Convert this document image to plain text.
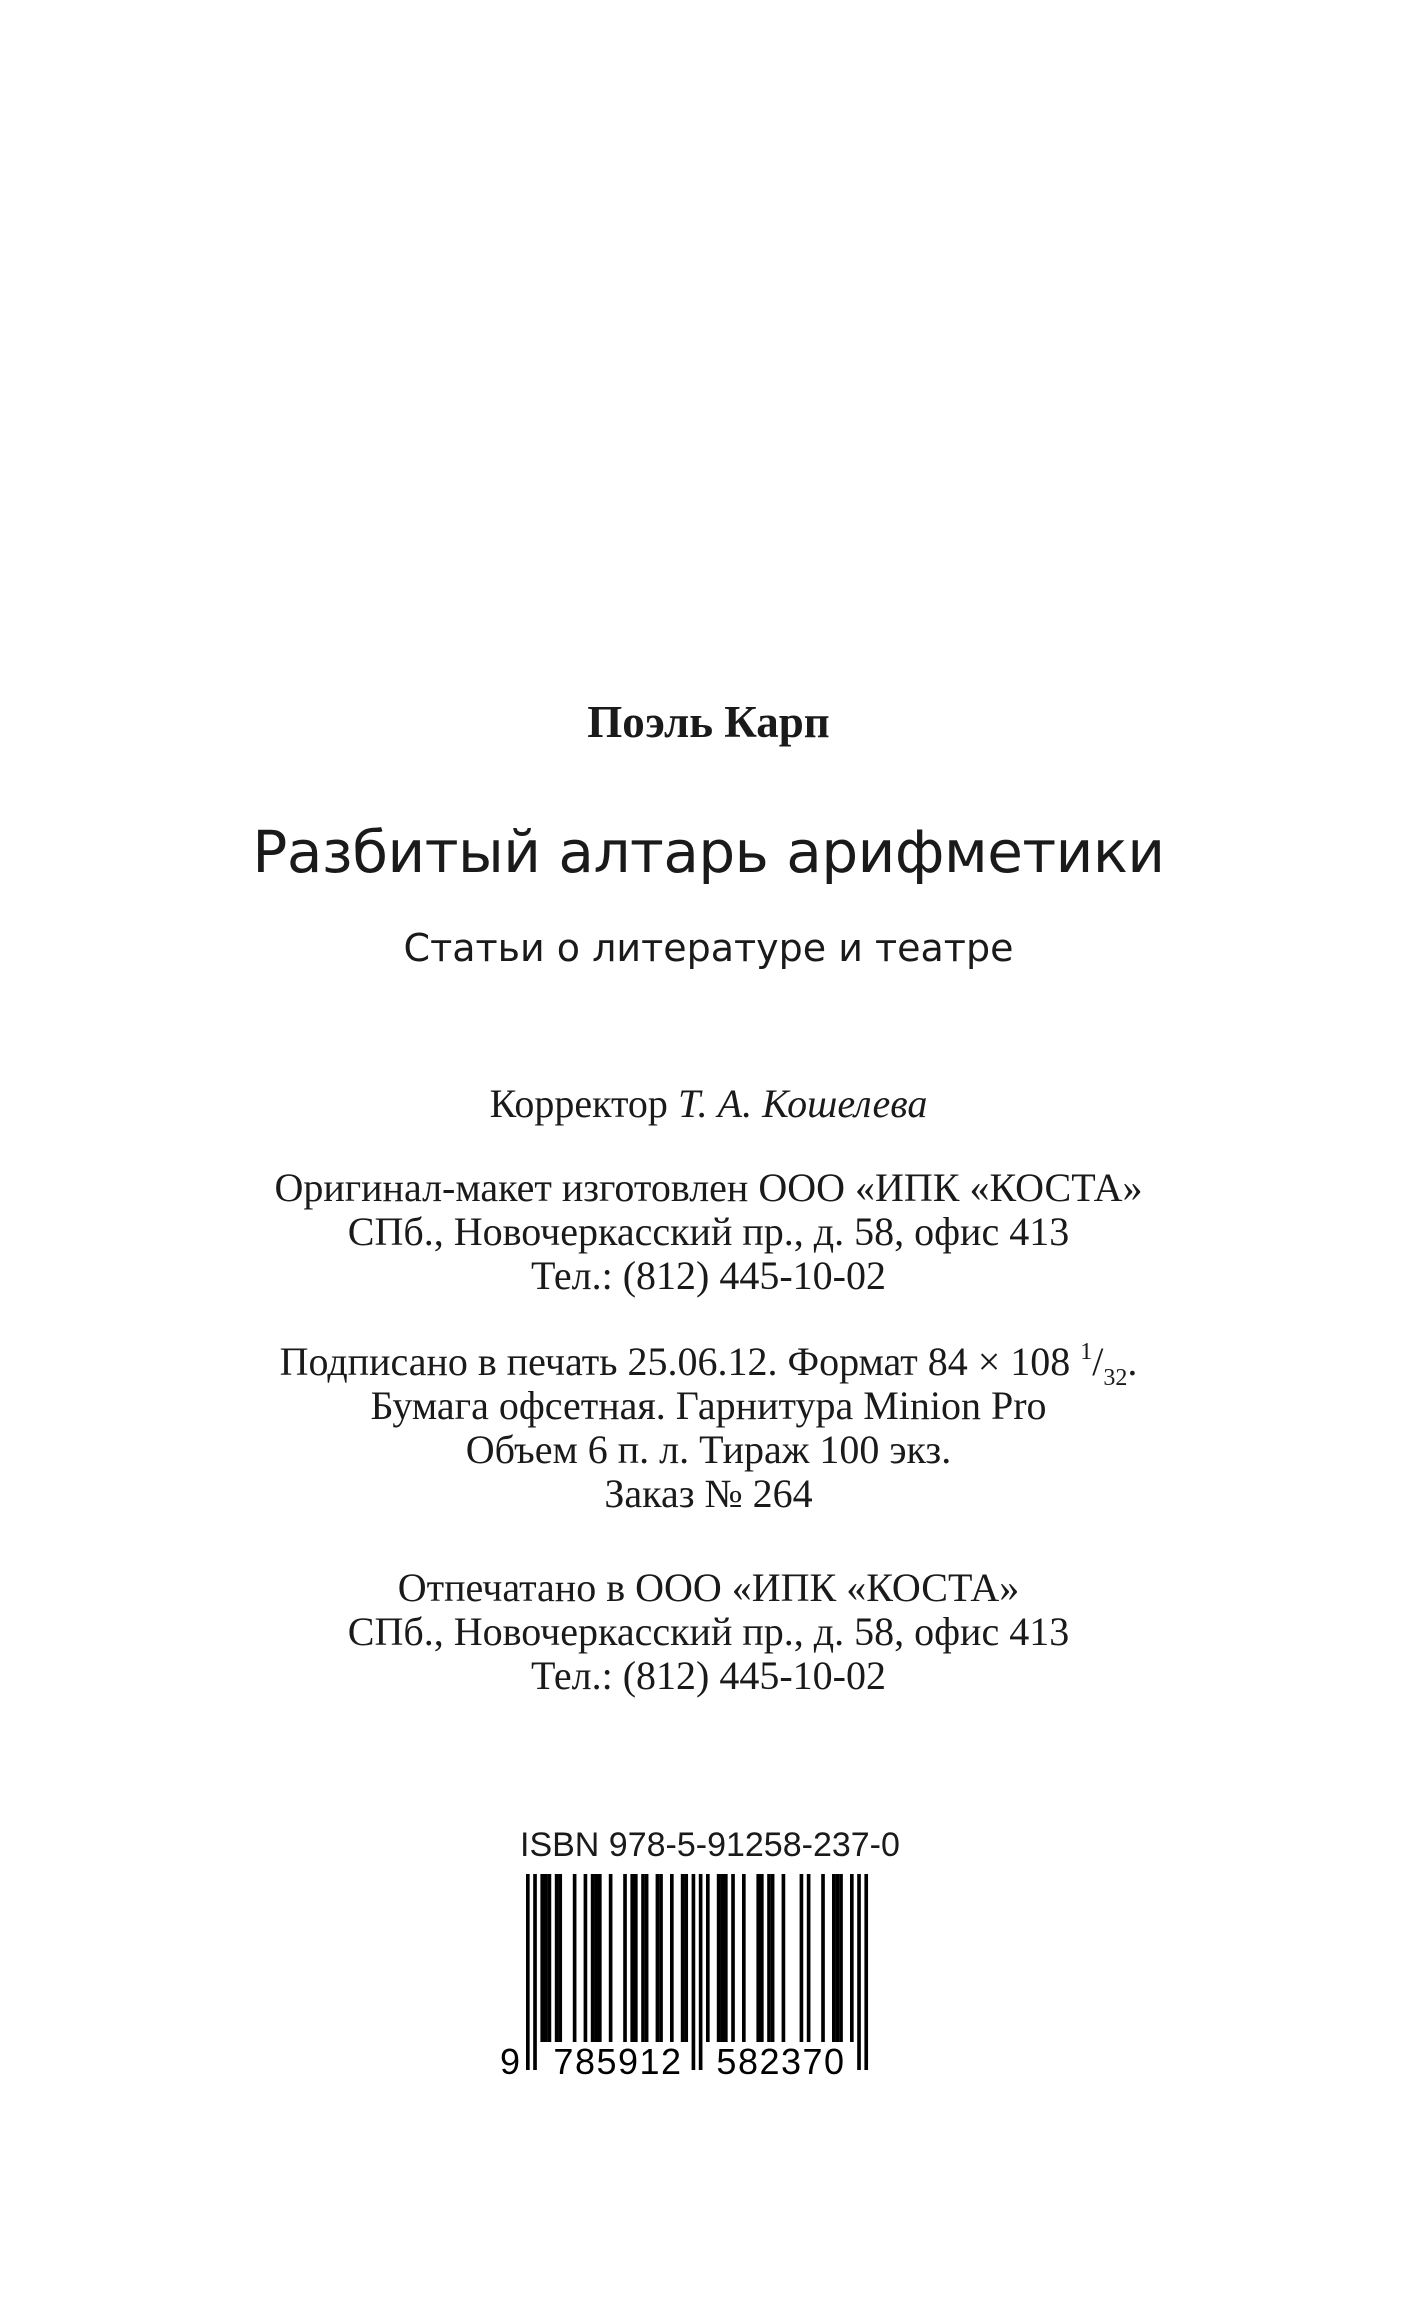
Поэль Карп
Разбитый алтарь арифметики
Статьи о литературе и театре
Корректор Т. А. Кошелева
Оригинал-макет изготовлен ООО «ИПК «КОСТА»
СПб., Новочеркасский пр., д. 58, офис 413
Тел.: (812) 445-10-02
Подписано в печать 25.06.12. Формат 84 × 108 $^1/_{32}$.
Бумага офсетная. Гарнитура Minion Pro
Объем 6 п. л. Тираж 100 экз.
Заказ № 264
Отпечатано в ООО «ИПК «КОСТА»
СПб., Новочеркасский пр., д. 58, офис 413
Тел.: (812) 445-10-02
ISBN 978-5-91258-237-0
9 785912 582370
